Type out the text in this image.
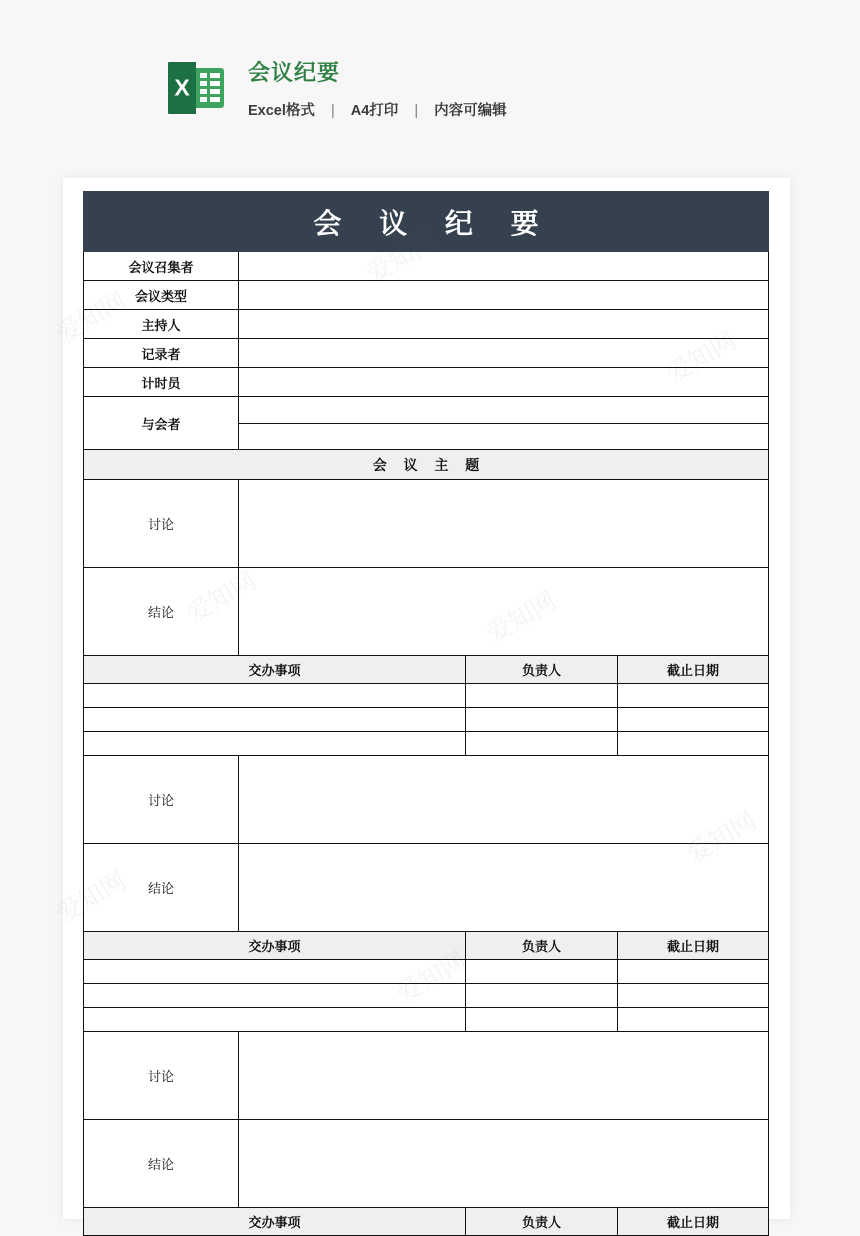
X
会议纪要
Excel格式 | A4打印 | 内容可编辑
会 议 纪 要
会议召集者	
会议类型	
主持人	
记录者	
计时员	
与会者	

会 议 主 题
讨论	
结论	
交办事项	负责人	截止日期

讨论	
结论	
交办事项	负责人	截止日期

讨论	
结论	
交办事项	负责人	截止日期
